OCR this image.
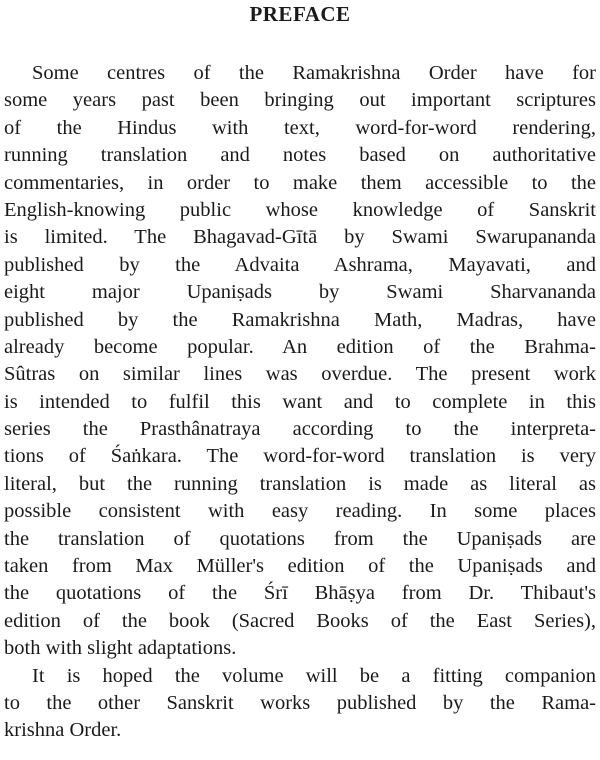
PREFACE
Some centres of the Ramakrishna Order have for
some years past been bringing out important scriptures
of the Hindus with text, word-for-word rendering,
running translation and notes based on authoritative
commentaries, in order to make them accessible to the
English-knowing public whose knowledge of Sanskrit
is limited. The Bhagavad-Gītā by Swami Swarupananda
published by the Advaita Ashrama, Mayavati, and
eight major Upaniṣads by Swami Sharvananda
published by the Ramakrishna Math, Madras, have
already become popular. An edition of the Brahma-
Sûtras on similar lines was overdue. The present work
is intended to fulfil this want and to complete in this
series the Prasthânatraya according to the interpreta-
tions of Śaṅkara. The word-for-word translation is very
literal, but the running translation is made as literal as
possible consistent with easy reading. In some places
the translation of quotations from the Upaniṣads are
taken from Max Müller's edition of the Upaniṣads and
the quotations of the Śrī Bhāṣya from Dr. Thibaut's
edition of the book (Sacred Books of the East Series),
both with slight adaptations.
It is hoped the volume will be a fitting companion
to the other Sanskrit works published by the Rama-
krishna Order.
